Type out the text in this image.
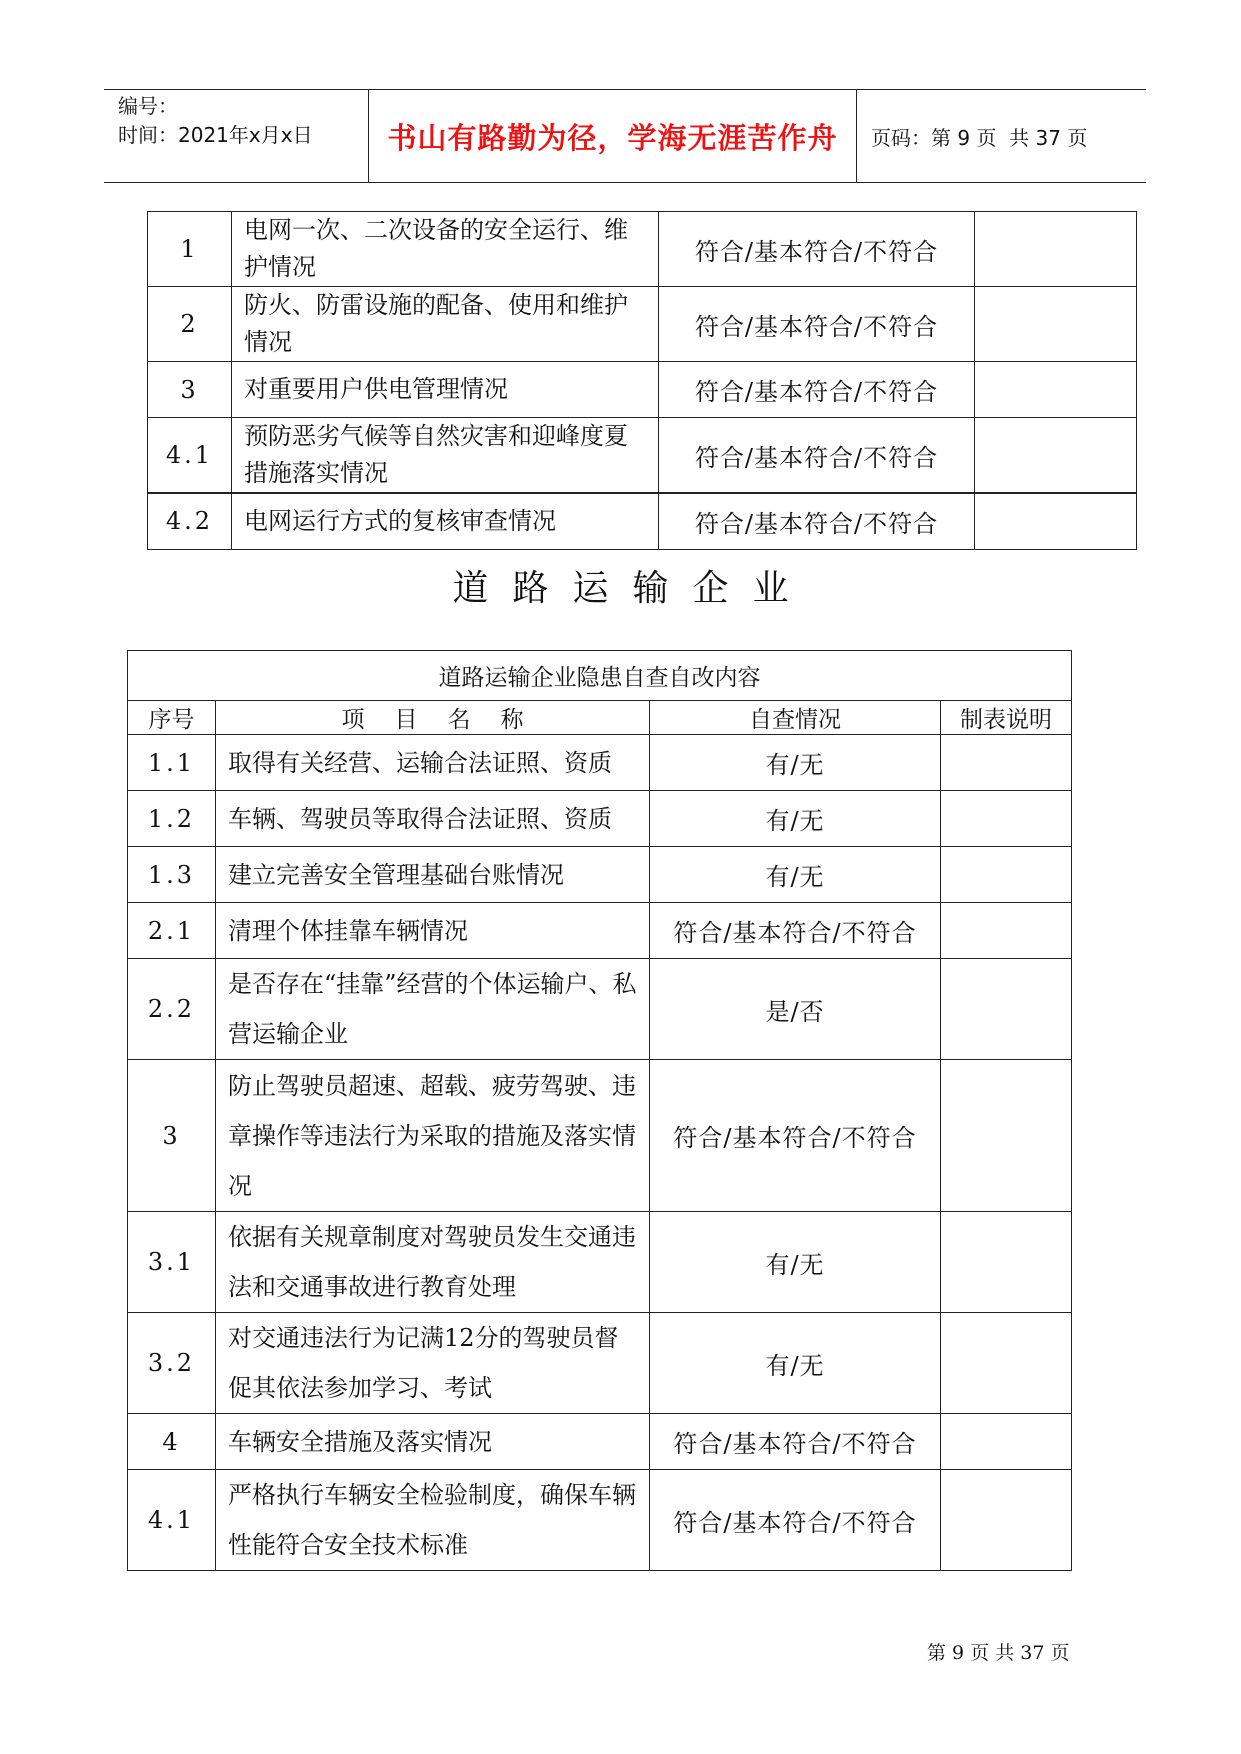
编号：
时间：2021年x月x日	书山有路勤为径，学海无涯苦作舟	页码：第 9 页  共 37 页
1	电网一次、二次设备的安全运行、维护情况	符合/基本符合/不符合	
2	防火、防雷设施的配备、使用和维护情况	符合/基本符合/不符合	
3	对重要用户供电管理情况	符合/基本符合/不符合	
4.1	预防恶劣气候等自然灾害和迎峰度夏措施落实情况	符合/基本符合/不符合	
4.2	电网运行方式的复核审查情况	符合/基本符合/不符合	
道路运输企业
道路运输企业隐患自查自改内容			
序号	项目名称	自查情况	制表说明
1.1	取得有关经营、运输合法证照、资质	有/无	
1.2	车辆、驾驶员等取得合法证照、资质	有/无	
1.3	建立完善安全管理基础台账情况	有/无	
2.1	清理个体挂靠车辆情况	符合/基本符合/不符合	
2.2	是否存在“挂靠”经营的个体运输户、私营运输企业	是/否	
3	防止驾驶员超速、超载、疲劳驾驶、违章操作等违法行为采取的措施及落实情况	符合/基本符合/不符合	
3.1	依据有关规章制度对驾驶员发生交通违法和交通事故进行教育处理	有/无	
3.2	对交通违法行为记满12分的驾驶员督促其依法参加学习、考试	有/无	
4	车辆安全措施及落实情况	符合/基本符合/不符合	
4.1	严格执行车辆安全检验制度，确保车辆性能符合安全技术标准	符合/基本符合/不符合	
第 9 页 共 37 页
